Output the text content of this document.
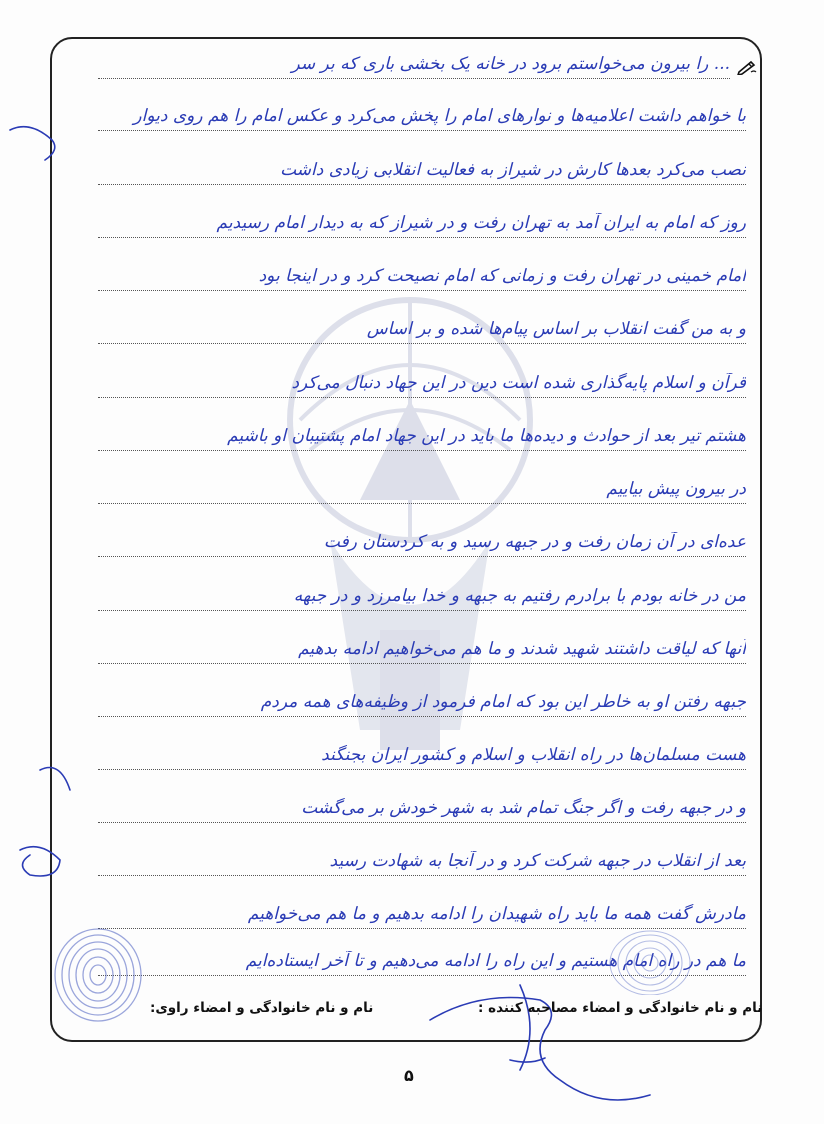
... را بیرون می‌خواستم برود در خانه یک بخشی باری که بر سر
با خواهم داشت اعلامیه‌ها و نوارهای امام را پخش می‌کرد و عکس امام را هم روی دیوار
نصب می‌کرد بعدها کارش در شیراز به فعالیت انقلابی زیادی داشت
روز که امام به ایران آمد به تهران رفت و در شیراز که به دیدار امام رسیدیم
امام خمینی در تهران رفت و زمانی که امام نصیحت کرد و در اینجا بود
و به من گفت انقلاب بر اساس پیام‌ها شده و بر اساس
قرآن و اسلام پایه‌گذاری شده است دین در این جهاد دنبال می‌کرد
هشتم تیر بعد از حوادث و دیده‌ها ما باید در این جهاد امام پشتیبان او باشیم
در بیرون پیش بیاییم
عده‌ای در آن زمان رفت و در جبهه رسید و به کردستان رفت
من در خانه بودم با برادرم رفتیم به جبهه و خدا بیامرزد و در جبهه
آنها که لیاقت داشتند شهید شدند و ما هم می‌خواهیم ادامه بدهیم
جبهه رفتن او به خاطر این بود که امام فرمود از وظیفه‌های همه مردم
هست مسلمان‌ها در راه انقلاب و اسلام و کشور ایران بجنگند
و در جبهه رفت و اگر جنگ تمام شد به شهر خودش بر می‌گشت
بعد از انقلاب در جبهه شرکت کرد و در آنجا به شهادت رسید
مادرش گفت همه ما باید راه شهیدان را ادامه بدهیم و ما هم می‌خواهیم
ما هم در راه امام هستیم و این راه را ادامه می‌دهیم و تا آخر ایستاده‌ایم
نام و نام خانوادگی و امضاء مصاحبه کننده :
نام و نام خانوادگی و امضاء راوی:
۵
